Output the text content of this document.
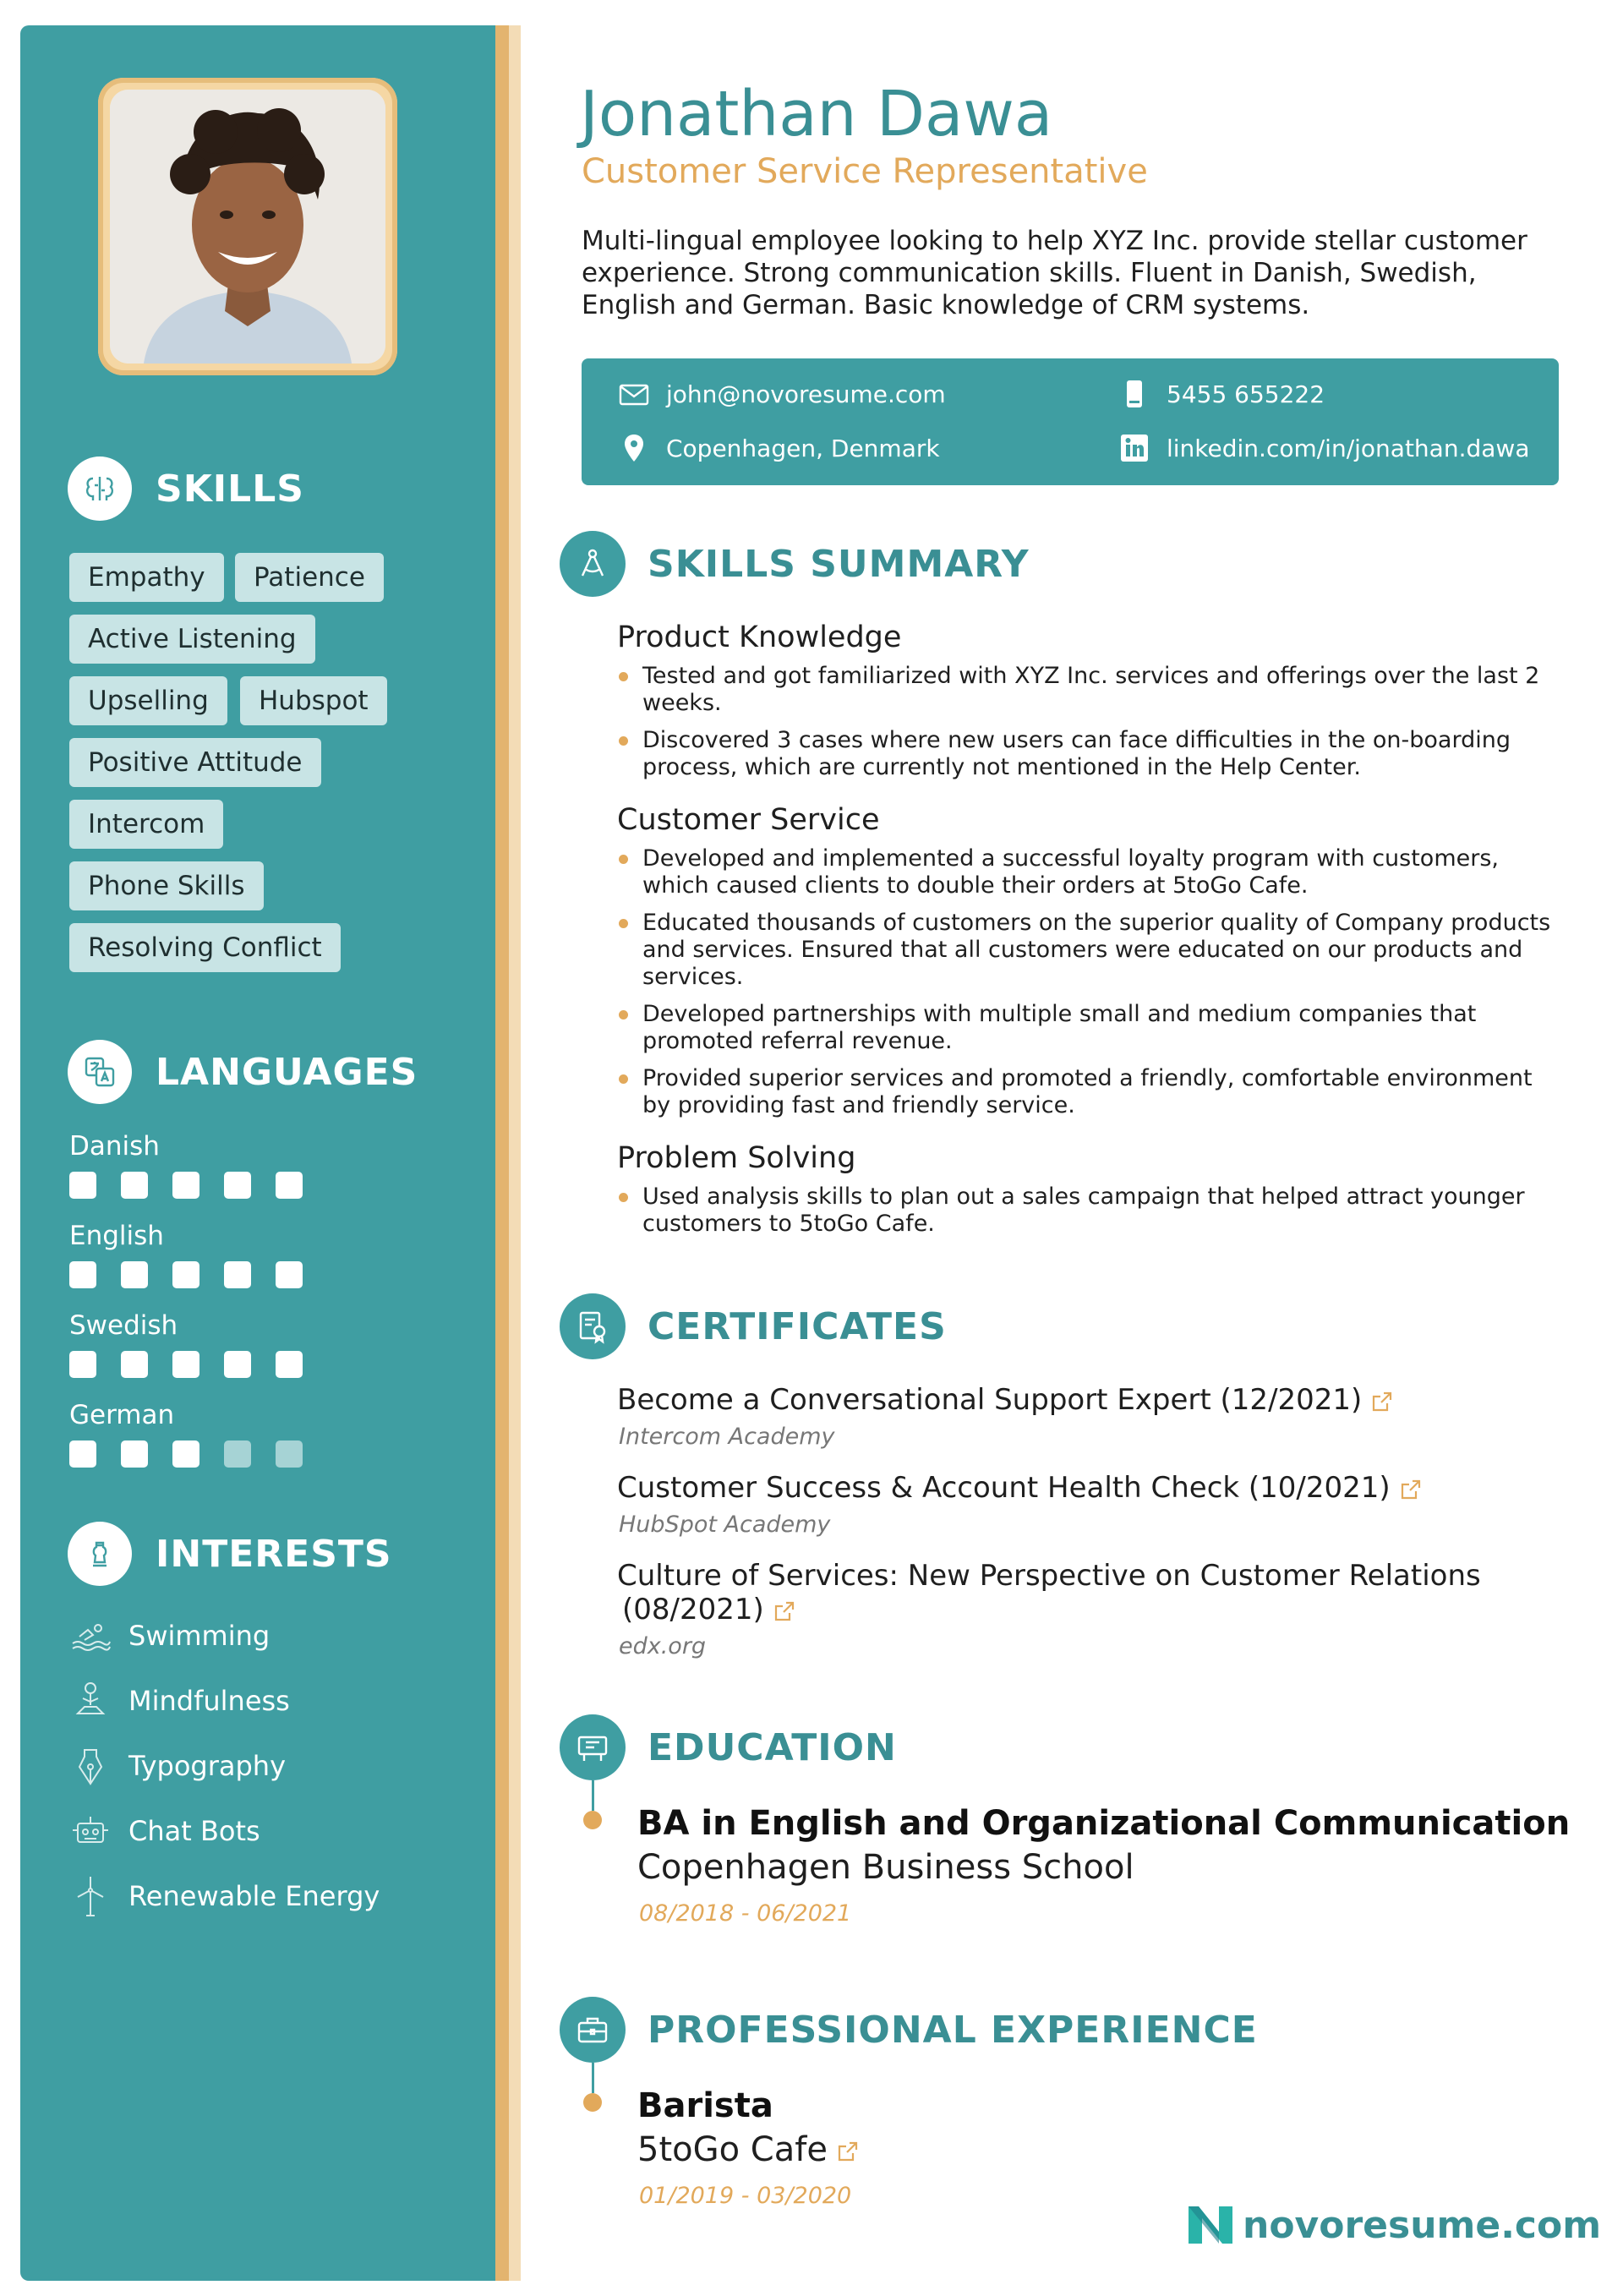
SKILLS
Empathy	Patience
Active Listening
Upselling	Hubspot
Positive Attitude
Intercom
Phone Skills
Resolving Conflict
LANGUAGES
Danish
English
Swedish
German
INTERESTS
Swimming
Mindfulness
Typography
Chat Bots
Renewable Energy
Jonathan Dawa
Customer Service Representative
Multi-lingual employee looking to help XYZ Inc. provide stellar customer experience. Strong communication skills. Fluent in Danish, Swedish, English and German. Basic knowledge of CRM systems.
john@novoresume.com	5455 655222
Copenhagen, Denmark	linkedin.com/in/jonathan.dawa
SKILLS SUMMARY
Product Knowledge
Tested and got familiarized with XYZ Inc. services and offerings over the last 2 weeks.
Discovered 3 cases where new users can face difficulties in the on-boarding process, which are currently not mentioned in the Help Center.
Customer Service
Developed and implemented a successful loyalty program with customers, which caused clients to double their orders at 5toGo Cafe.
Educated thousands of customers on the superior quality of Company products and services. Ensured that all customers were educated on our products and services.
Developed partnerships with multiple small and medium companies that promoted referral revenue.
Provided superior services and promoted a friendly, comfortable environment by providing fast and friendly service.
Problem Solving
Used analysis skills to plan out a sales campaign that helped attract younger customers to 5toGo Cafe.
CERTIFICATES
Become a Conversational Support Expert (12/2021)
Intercom Academy
Customer Success & Account Health Check (10/2021)
HubSpot Academy
Culture of Services: New Perspective on Customer Relations
(08/2021)
edx.org
EDUCATION
BA in English and Organizational Communication
Copenhagen Business School
08/2018 - 06/2021
PROFESSIONAL EXPERIENCE
Barista
5toGo Cafe
01/2019 - 03/2020
novoresume.com
